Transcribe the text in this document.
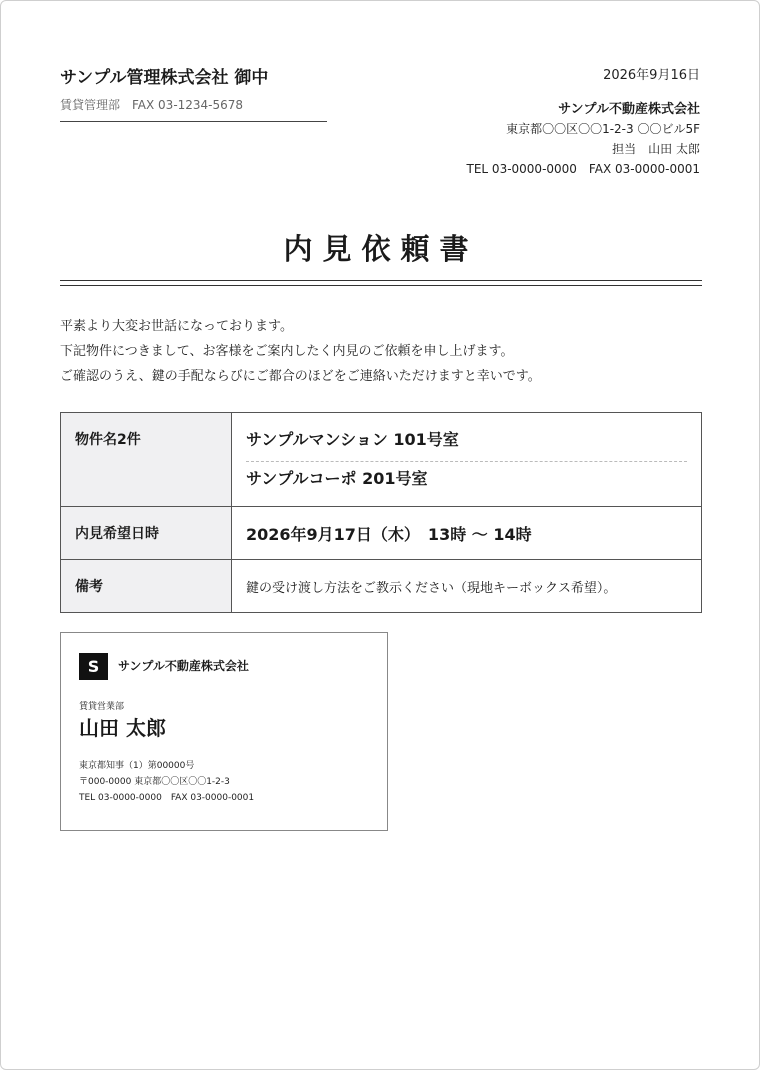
サンプル管理株式会社 御中
賃貸管理部　FAX 03-1234-5678
2026年9月16日
サンプル不動産株式会社
東京都〇〇区〇〇1-2-3 〇〇ビル5F
担当　山田 太郎
TEL 03-0000-0000　FAX 03-0000-0001
内見依頼書
平素より大変お世話になっております。
下記物件につきまして、お客様をご案内したく内見のご依頼を申し上げます。
ご確認のうえ、鍵の手配ならびにご都合のほどをご連絡いただけますと幸いです。
物件名2件	サンプルマンション 101号室
サンプルコーポ 201号室

内見希望日時	2026年9月17日（木）　13時 〜 14時
備考	鍵の受け渡し方法をご教示ください（現地キーボックス希望）。
S	サンプル不動産株式会社
賃貸営業部
山田 太郎
東京都知事（1）第00000号
〒000-0000 東京都〇〇区〇〇1-2-3
TEL 03-0000-0000　FAX 03-0000-0001
